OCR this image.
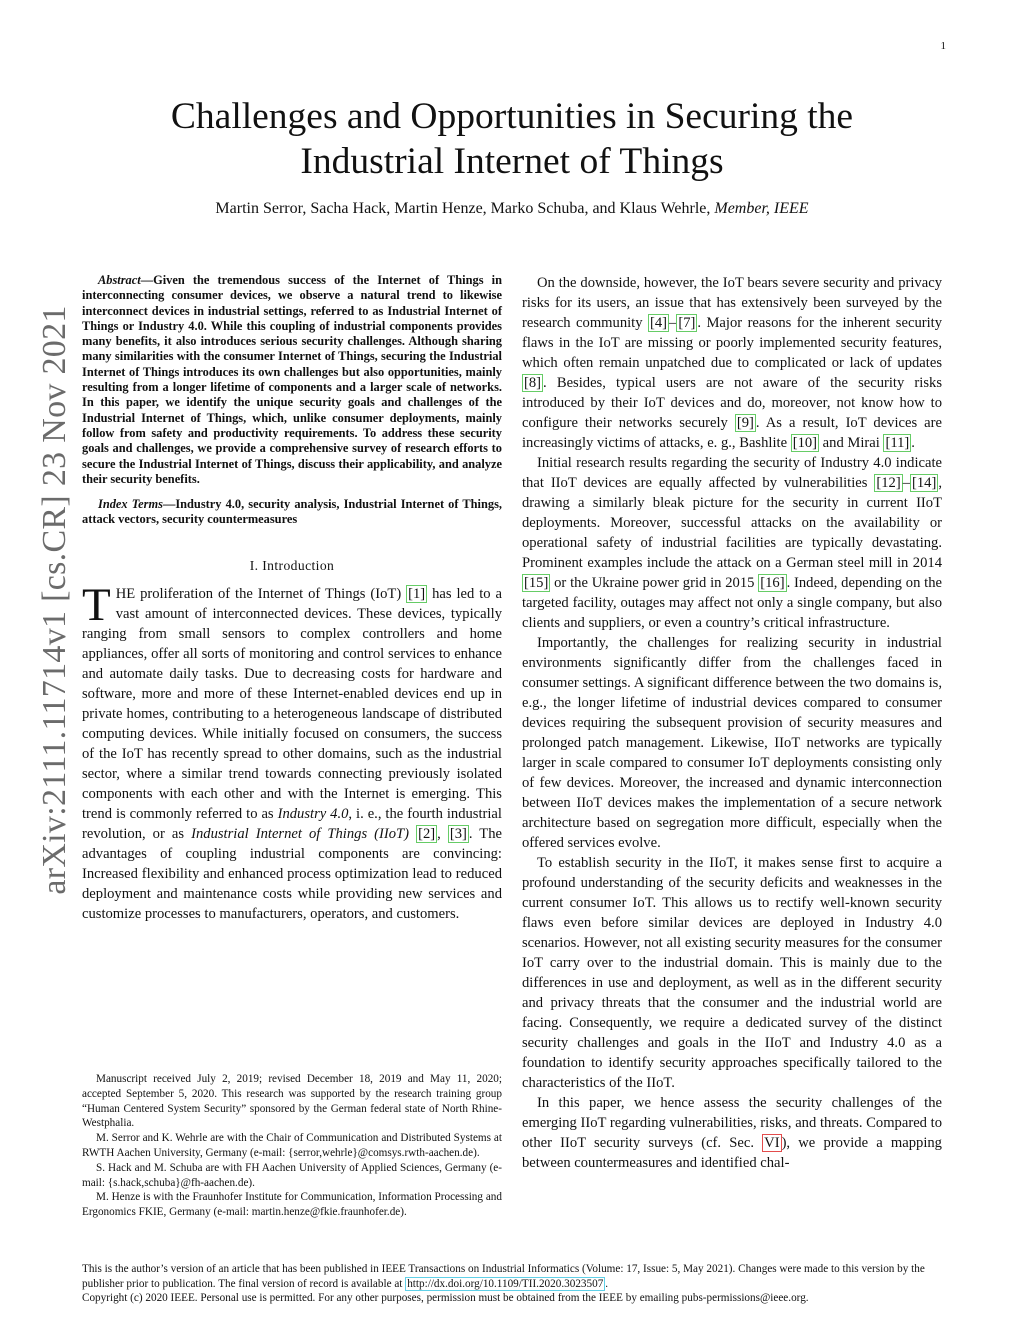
1
arXiv:2111.11714v1 [cs.CR] 23 Nov 2021
Challenges and Opportunities in Securing the Industrial Internet of Things
Martin Serror, Sacha Hack, Martin Henze, Marko Schuba, and Klaus Wehrle, Member, IEEE

Abstract—Given the tremendous success of the Internet of Things in interconnecting consumer devices, we observe a natural trend to likewise interconnect devices in industrial settings, referred to as Industrial Internet of Things or Industry 4.0. While this coupling of industrial components provides many benefits, it also introduces serious security challenges. Although sharing many similarities with the consumer Internet of Things, securing the Industrial Internet of Things introduces its own challenges but also opportunities, mainly resulting from a longer lifetime of components and a larger scale of networks. In this paper, we identify the unique security goals and challenges of the Industrial Internet of Things, which, unlike consumer deployments, mainly follow from safety and productivity requirements. To address these security goals and challenges, we provide a comprehensive survey of research efforts to secure the Industrial Internet of Things, discuss their applicability, and analyze their security benefits.

Index Terms—Industry 4.0, security analysis, Industrial Internet of Things, attack vectors, security countermeasures

I. Introduction

THE proliferation of the Internet of Things (IoT) [1] has led to a vast amount of interconnected devices. These devices, typically ranging from small sensors to complex controllers and home appliances, offer all sorts of monitoring and control services to enhance and automate daily tasks. Due to decreasing costs for hardware and software, more and more of these Internet-enabled devices end up in private homes, contributing to a heterogeneous landscape of distributed computing devices. While initially focused on consumers, the success of the IoT has recently spread to other domains, such as the industrial sector, where a similar trend towards connecting previously isolated components with each other and with the Internet is emerging. This trend is commonly referred to as Industry 4.0, i. e., the fourth industrial revolution, or as Industrial Internet of Things (IIoT) [2] , [3] . The advantages of coupling industrial components are convincing: Increased flexibility and enhanced process optimization lead to reduced deployment and maintenance costs while providing new services and customize processes to manufacturers, operators, and customers.

Manuscript received July 2, 2019; revised December 18, 2019 and May 11, 2020; accepted September 5, 2020. This research was supported by the research training group “Human Centered System Security” sponsored by the German federal state of North Rhine-Westphalia.

M. Serror and K. Wehrle are with the Chair of Communication and Distributed Systems at RWTH Aachen University, Germany (e-mail: {serror,wehrle}@comsys.rwth-aachen.de).

S. Hack and M. Schuba are with FH Aachen University of Applied Sciences, Germany (e-mail: {s.hack,schuba}@fh-aachen.de).

M. Henze is with the Fraunhofer Institute for Communication, Information Processing and Ergonomics FKIE, Germany (e-mail: martin.henze@fkie.fraunhofer.de).

On the downside, however, the IoT bears severe security and privacy risks for its users, an issue that has extensively been surveyed by the research community [4] – [7] . Major reasons for the inherent security flaws in the IoT are missing or poorly implemented security features, which often remain unpatched due to complicated or lack of updates [8] . Besides, typical users are not aware of the security risks introduced by their IoT devices and do, moreover, not know how to configure their networks securely [9] . As a result, IoT devices are increasingly victims of attacks, e. g., Bashlite [10] and Mirai [11] .

Initial research results regarding the security of Industry 4.0 indicate that IIoT devices are equally affected by vulnerabilities [12] – [14] , drawing a similarly bleak picture for the security in current IIoT deployments. Moreover, successful attacks on the availability or operational safety of industrial facilities are typically devastating. Prominent examples include the attack on a German steel mill in 2014 [15] or the Ukraine power grid in 2015 [16] . Indeed, depending on the targeted facility, outages may affect not only a single company, but also clients and suppliers, or even a country’s critical infrastructure.

Importantly, the challenges for realizing security in industrial environments significantly differ from the challenges faced in consumer settings. A significant difference between the two domains is, e.g., the longer lifetime of industrial devices compared to consumer devices requiring the subsequent provision of security measures and prolonged patch management. Likewise, IIoT networks are typically larger in scale compared to consumer IoT deployments consisting only of few devices. Moreover, the increased and dynamic interconnection between IIoT devices makes the implementation of a secure network architecture based on segregation more difficult, especially when the offered services evolve.

To establish security in the IIoT, it makes sense first to acquire a profound understanding of the security deficits and weaknesses in the current consumer IoT. This allows us to rectify well-known security flaws even before similar devices are deployed in Industry 4.0 scenarios. However, not all existing security measures for the consumer IoT carry over to the industrial domain. This is mainly due to the differences in use and deployment, as well as in the different security and privacy threats that the consumer and the industrial world are facing. Consequently, we require a dedicated survey of the distinct security challenges and goals in the IIoT and Industry 4.0 as a foundation to identify security approaches specifically tailored to the characteristics of the IIoT.

In this paper, we hence assess the security challenges of the emerging IIoT regarding vulnerabilities, risks, and threats. Compared to other IIoT security surveys (cf. Sec. VI ), we provide a mapping between countermeasures and identified chal-

This is the author’s version of an article that has been published in IEEE Transactions on Industrial Informatics (Volume: 17, Issue: 5, May 2021). Changes were made to this version by the publisher prior to publication. The final version of record is available at http://dx.doi.org/10.1109/TII.2020.3023507 .

Copyright (c) 2020 IEEE. Personal use is permitted. For any other purposes, permission must be obtained from the IEEE by emailing pubs-permissions@ieee.org.
